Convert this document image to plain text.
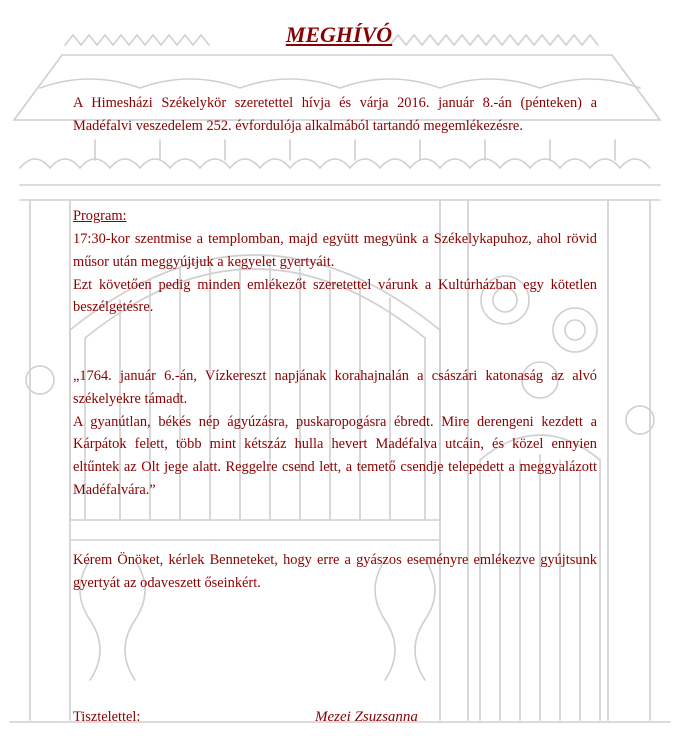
MEGHÍVÓ

A Himesházi Székelykör szeretettel hívja és várja 2016. január 8.-án (pénteken) a Madéfalvi veszedelem 252. évfordulója alkalmából tartandó megemlékezésre.

Program:

17:30-kor szentmise a templomban, majd együtt megyünk a Székelykapuhoz, ahol rövid műsor után meggyújtjuk a kegyelet gyertyáit.
Ezt követően pedig minden emlékezőt szeretettel várunk a Kultúrházban egy kötetlen beszélgetésre.
„1764. január 6.-án, Vízkereszt napjának korahajnalán a császári katonaság az alvó székelyekre támadt.
A gyanútlan, békés nép ágyúzásra, puskaropogásra ébredt. Mire derengeni kezdett a Kárpátok felett, több mint kétszáz hulla hevert Madéfalva utcáin, és közel ennyien eltűntek az Olt jege alatt. Reggelre csend lett, a temető csendje telepedett a meggyalázott Madéfalvára.”

Kérem Önöket, kérlek Benneteket, hogy erre a gyászos eseményre emlékezve gyújtsunk gyertyát az odaveszett őseinkért.

Tisztelettel:	Mezei Zsuzsanna
